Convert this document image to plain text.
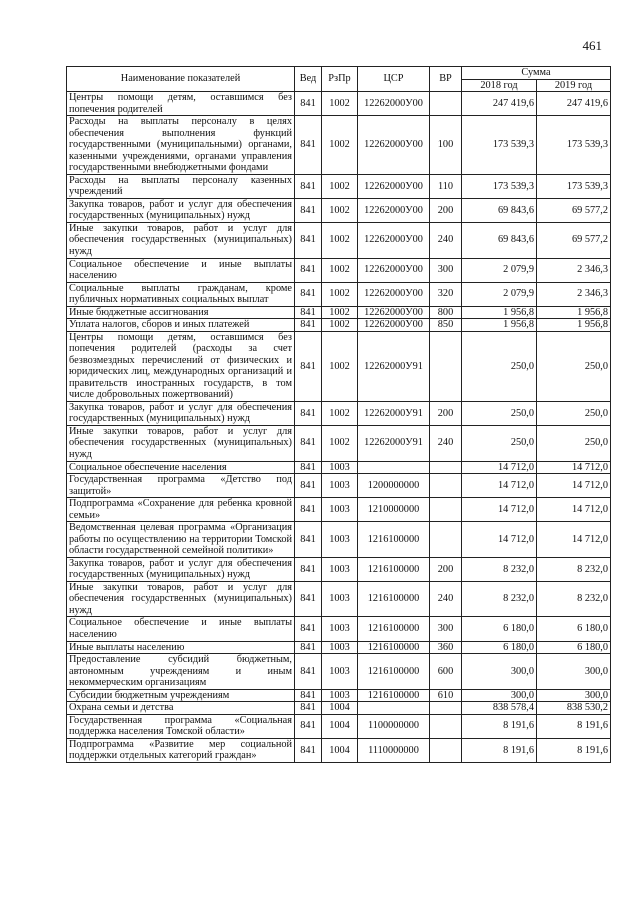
461
Наименование показателей	Вед	РзПр	ЦСР	ВР	Сумма	
					2018 год	2019 год
Центры помощи детям, оставшимся без попечения родителей	841	1002	12262000У00		247 419,6	247 419,6
Расходы на выплаты персоналу в целях обеспечения выполнения функций государственными (муниципальными) органами, казенными учреждениями, органами управления государственными внебюджетными фондами	841	1002	12262000У00	100	173 539,3	173 539,3
Расходы на выплаты персоналу казенных учреждений	841	1002	12262000У00	110	173 539,3	173 539,3
Закупка товаров, работ и услуг для обеспечения государственных (муниципальных) нужд	841	1002	12262000У00	200	69 843,6	69 577,2
Иные закупки товаров, работ и услуг для обеспечения государственных (муниципальных) нужд	841	1002	12262000У00	240	69 843,6	69 577,2
Социальное обеспечение и иные выплаты населению	841	1002	12262000У00	300	2 079,9	2 346,3
Социальные выплаты гражданам, кроме публичных нормативных социальных выплат	841	1002	12262000У00	320	2 079,9	2 346,3
Иные бюджетные ассигнования	841	1002	12262000У00	800	1 956,8	1 956,8
Уплата налогов, сборов и иных платежей	841	1002	12262000У00	850	1 956,8	1 956,8
Центры помощи детям, оставшимся без попечения родителей (расходы за счет безвозмездных перечислений от физических и юридических лиц, международных организаций и правительств иностранных государств, в том числе добровольных пожертвований)	841	1002	12262000У91		250,0	250,0
Закупка товаров, работ и услуг для обеспечения государственных (муниципальных) нужд	841	1002	12262000У91	200	250,0	250,0
Иные закупки товаров, работ и услуг для обеспечения государственных (муниципальных) нужд	841	1002	12262000У91	240	250,0	250,0
Социальное обеспечение населения	841	1003			14 712,0	14 712,0
Государственная программа «Детство под защитой»	841	1003	1200000000		14 712,0	14 712,0
Подпрограмма «Сохранение для ребенка кровной семьи»	841	1003	1210000000		14 712,0	14 712,0
Ведомственная целевая программа «Организация работы по осуществлению на территории Томской области государственной семейной политики»	841	1003	1216100000		14 712,0	14 712,0
Закупка товаров, работ и услуг для обеспечения государственных (муниципальных) нужд	841	1003	1216100000	200	8 232,0	8 232,0
Иные закупки товаров, работ и услуг для обеспечения государственных (муниципальных) нужд	841	1003	1216100000	240	8 232,0	8 232,0
Социальное обеспечение и иные выплаты населению	841	1003	1216100000	300	6 180,0	6 180,0
Иные выплаты населению	841	1003	1216100000	360	6 180,0	6 180,0
Предоставление субсидий бюджетным, автономным учреждениям и иным некоммерческим организациям	841	1003	1216100000	600	300,0	300,0
Субсидии бюджетным учреждениям	841	1003	1216100000	610	300,0	300,0
Охрана семьи и детства	841	1004			838 578,4	838 530,2
Государственная программа «Социальная поддержка населения Томской области»	841	1004	1100000000		8 191,6	8 191,6
Подпрограмма «Развитие мер социальной поддержки отдельных категорий граждан»	841	1004	1110000000		8 191,6	8 191,6
